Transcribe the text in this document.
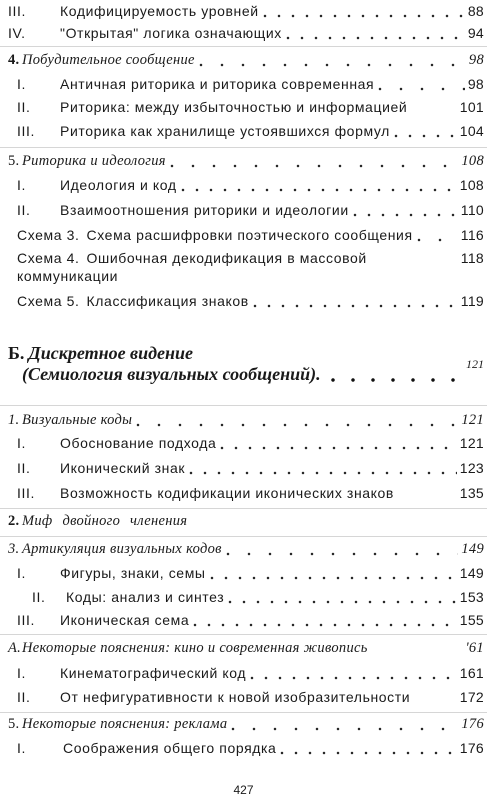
III.	Кодифицируемость уровней	88
IV.	"Открытая" логика означающих	94
4. Побудительное сообщение	98
I.	Античная риторика и риторика современная	98
II.	Риторика: между избыточностью и информацией	101
III.	Риторика как хранилище устоявшихся формул	104
5. Риторика и идеология	108
I.	Идеология и код	108
II.	Взаимоотношения риторики и идеологии	110
Схема 3. Схема расшифровки поэтического сообщения	116
Схема 4. Ошибочная декодификация в массовой	118
коммуникации
Схема 5. Классификация знаков	119
Б. Дискретное видение
(Семиология визуальных сообщений).	121
1. Визуальные коды	121
I.	Обоснование подхода	121
II.	Иконический знак	123
III.	Возможность кодификации иконических знаков	135
2. Миф двойного членения
3. Артикуляция визуальных кодов	149
I.	Фигуры, знаки, семы	149
II.	Коды: анализ и синтез	153
III.	Иконическая сема	155
А. Некоторые пояснения: кино и современная живопись	'61
I.	Кинематографический код	161
II.	От нефигуративности к новой изобразительности	172
5. Некоторые пояснения: реклама	176
I.	Соображения общего порядка	176
427
